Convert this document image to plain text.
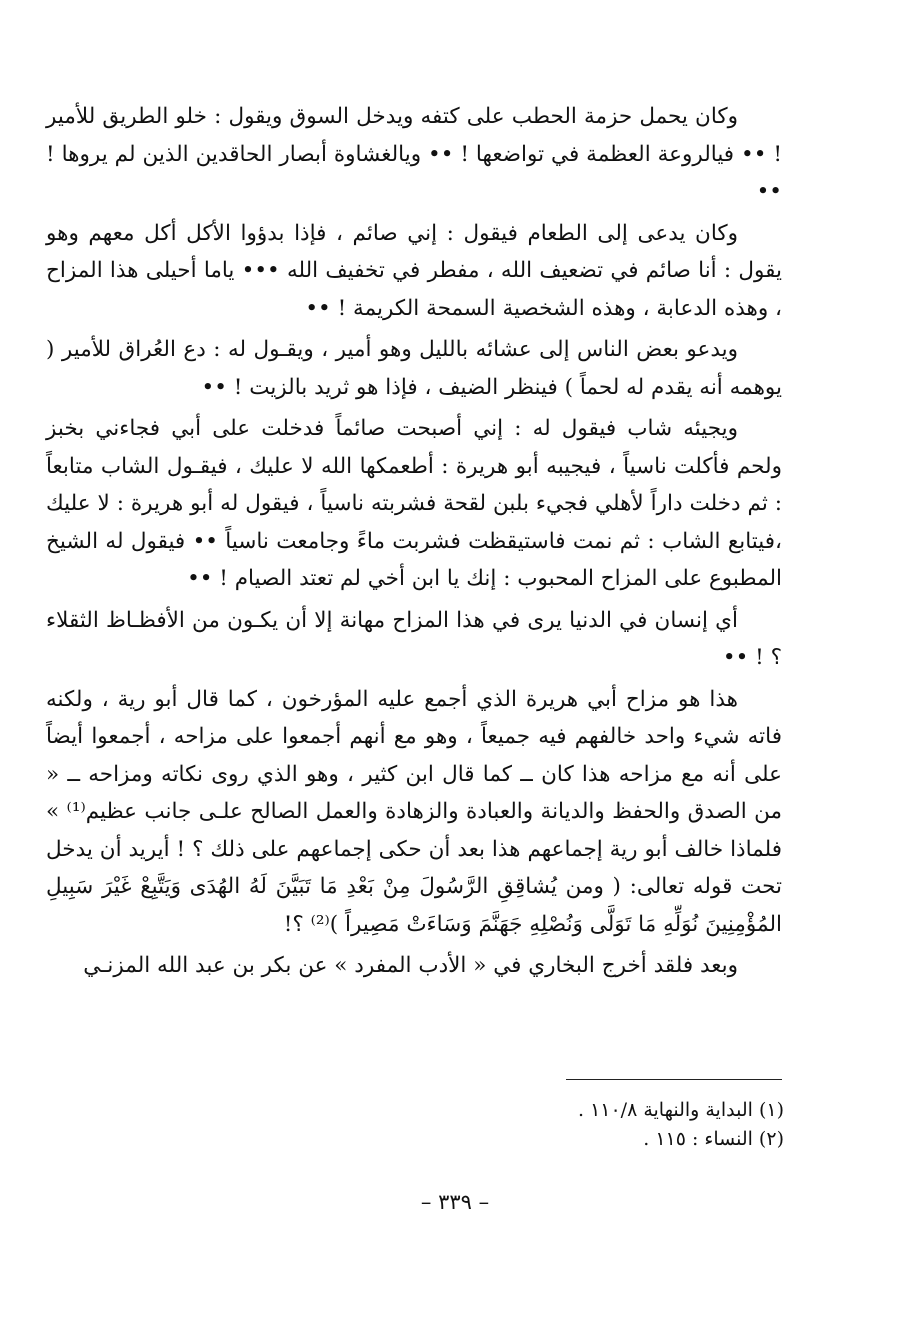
وكان يحمل حزمة الحطب على كتفه ويدخل السوق ويقول : خلو الطريق للأمير ! •• فيالروعة العظمة في تواضعها ! •• ويالغشاوة أبصار الحاقدين الذين لم يروها ! ••

وكان يدعى إلى الطعام فيقول : إني صائم ، فإذا بدؤوا الأكل أكل معهم وهو يقول : أنا صائم في تضعيف الله ، مفطر في تخفيف الله ••• ياما أحيلى هذا المزاح ، وهذه الدعابة ، وهذه الشخصية السمحة الكريمة ! ••

ويدعو بعض الناس إلى عشائه بالليل وهو أمير ، ويقـول له : دع العُراق للأمير ( يوهمه أنه يقدم له لحماً ) فينظر الضيف ، فإذا هو ثريد بالزيت ! ••

ويجيئه شاب فيقول له : إني أصبحت صائماً فدخلت على أبي فجاءني بخبز ولحم فأكلت ناسياً ، فيجيبه أبو هريرة : أطعمكها الله لا عليك ، فيقـول الشاب متابعاً : ثم دخلت داراً لأهلي فجيء بلبن لقحة فشربته ناسياً ، فيقول له أبو هريرة : لا عليك ،فيتابع الشاب : ثم نمت فاستيقظت فشربت ماءً وجامعت ناسياً •• فيقول له الشيخ المطبوع على المزاح المحبوب : إنك يا ابن أخي لم تعتد الصيام ! ••

أي إنسان في الدنيا يرى في هذا المزاح مهانة إلا أن يكـون من الأفظـاظ الثقلاء ؟ ! ••

هذا هو مزاح أبي هريرة الذي أجمع عليه المؤرخون ، كما قال أبو رية ، ولكنه فاته شيء واحد خالفهم فيه جميعاً ، وهو مع أنهم أجمعوا على مزاحه ، أجمعوا أيضاً على أنه مع مزاحه هذا كان ــ كما قال ابن كثير ، وهو الذي روى نكاته ومزاحه ــ « من الصدق والحفظ والديانة والعبادة والزهادة والعمل الصالح علـى جانب عظيم⁽¹⁾ » فلماذا خالف أبو رية إجماعهم هذا بعد أن حكى إجماعهم على ذلك ؟ ! أيريد أن يدخل تحت قوله تعالى: ( ومن يُشاقِقِ الرَّسُولَ مِنْ بَعْدِ مَا تَبَيَّنَ لَهُ الهُدَى وَيَتَّبِعْ غَيْرَ سَبِيلِ المُؤْمِنِينَ نُوَلِّهِ مَا تَوَلَّى وَنُصْلِهِ جَهَنَّمَ وَسَاءَتْ مَصِيراً )⁽²⁾ ؟!

وبعد فلقد أخرج البخاري في « الأدب المفرد » عن بكر بن عبد الله المزنـي

(١) البداية والنهاية ١١٠/٨ .
(٢) النساء : ١١٥ .
– ٣٣٩ –
